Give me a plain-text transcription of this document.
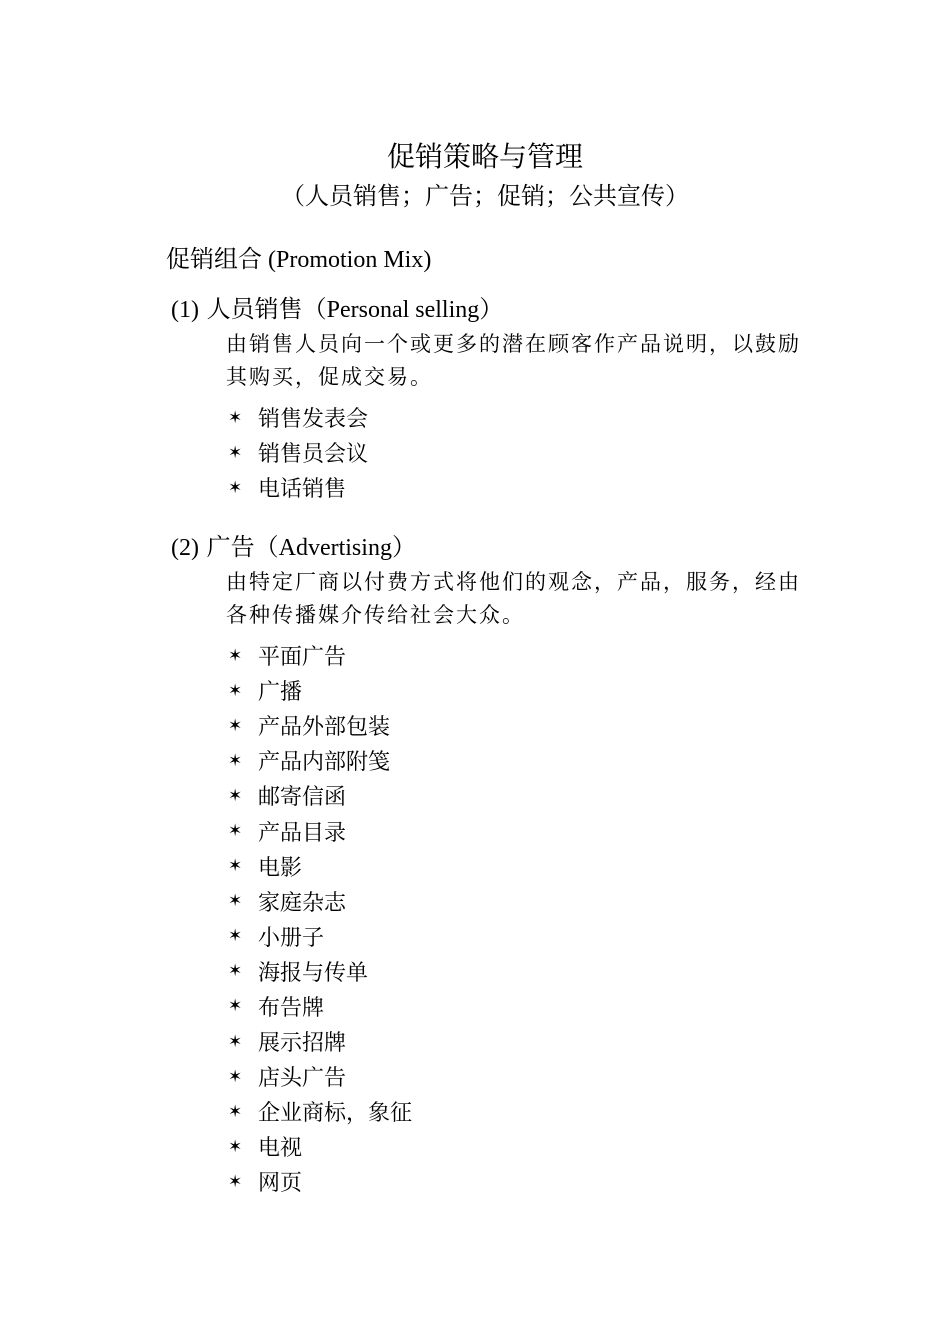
促销策略与管理
（人员销售；广告；促销；公共宣传）
促销组合 (Promotion Mix)
(1) 人员销售（Personal selling）
由销售人员向一个或更多的潜在顾客作产品说明，以鼓励其购买，促成交易。
✶ 销售发表会
✶ 销售员会议
✶ 电话销售
(2) 广告（Advertising）
由特定厂商以付费方式将他们的观念，产品，服务，经由各种传播媒介传给社会大众。
✶ 平面广告
✶ 广播
✶ 产品外部包装
✶ 产品内部附笺
✶ 邮寄信函
✶ 产品目录
✶ 电影
✶ 家庭杂志
✶ 小册子
✶ 海报与传单
✶ 布告牌
✶ 展示招牌
✶ 店头广告
✶ 企业商标，象征
✶ 电视
✶ 网页
